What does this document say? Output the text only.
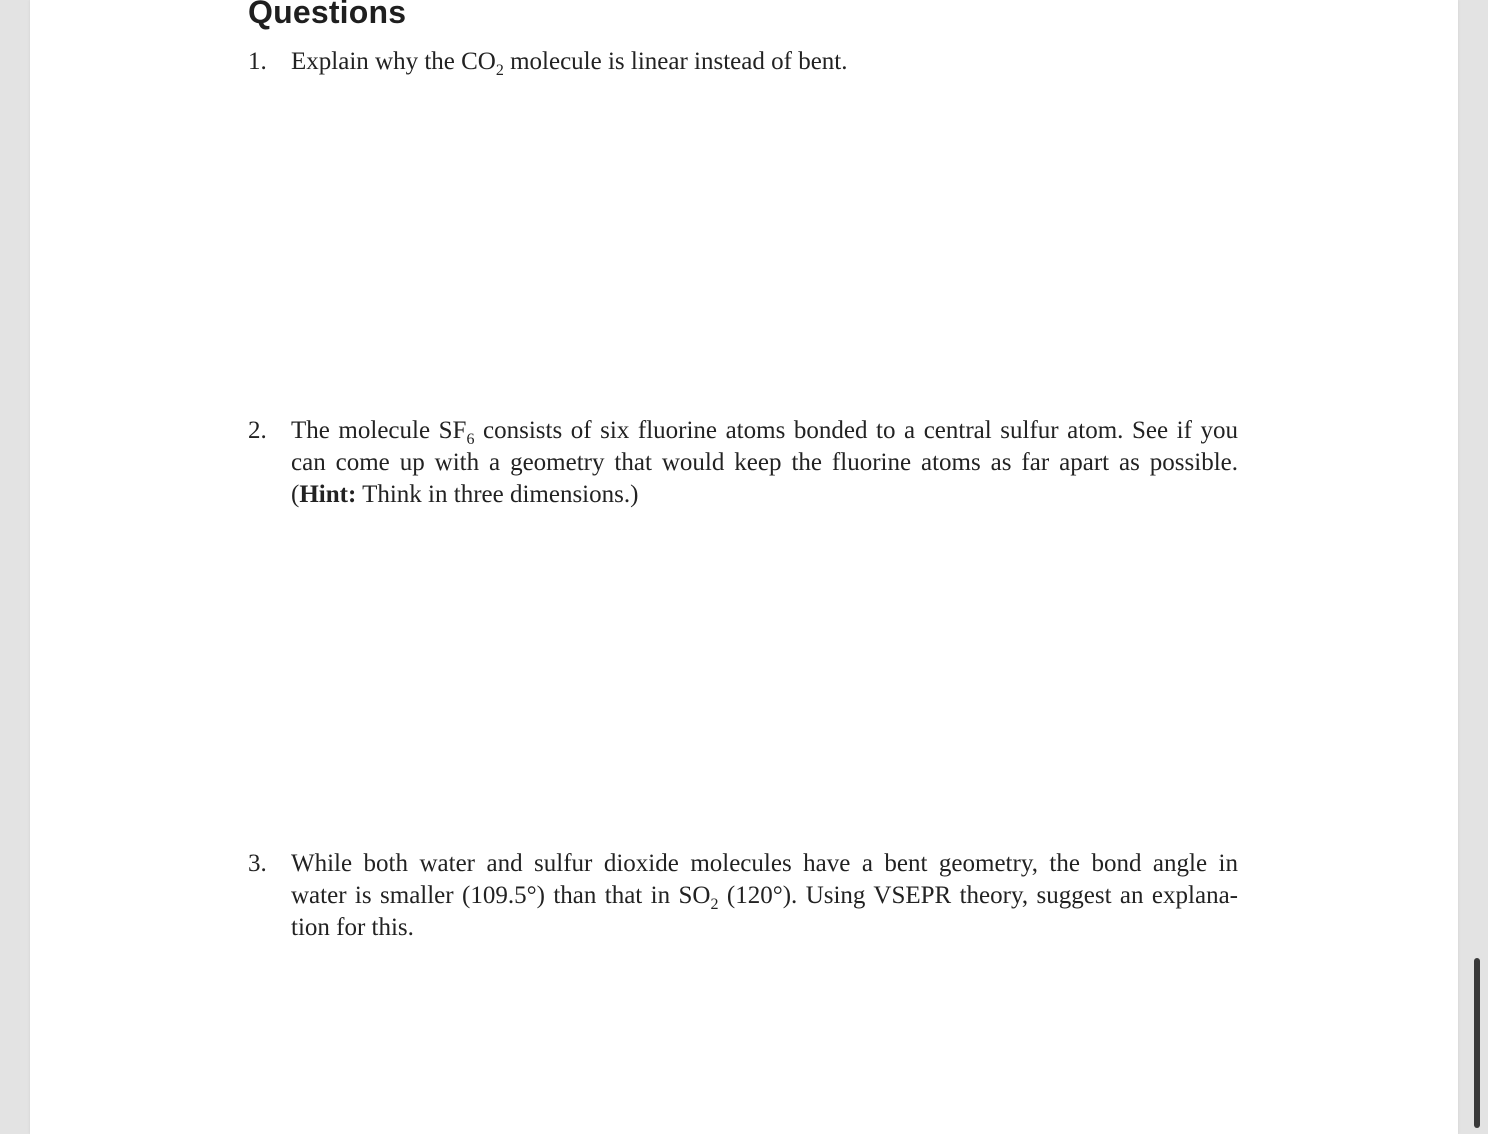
Questions
1. Explain why the $CO_2$ molecule is linear instead of bent.
2. The molecule $SF_6$ consists of six fluorine atoms bonded to a central sulfur atom. See if you
can come up with a geometry that would keep the fluorine atoms as far apart as possible.
(Hint: Think in three dimensions.)
3. While both water and sulfur dioxide molecules have a bent geometry, the bond angle in
water is smaller (109.5°) than that in $SO_2$ (120°). Using VSEPR theory, suggest an explana-
tion for this.
